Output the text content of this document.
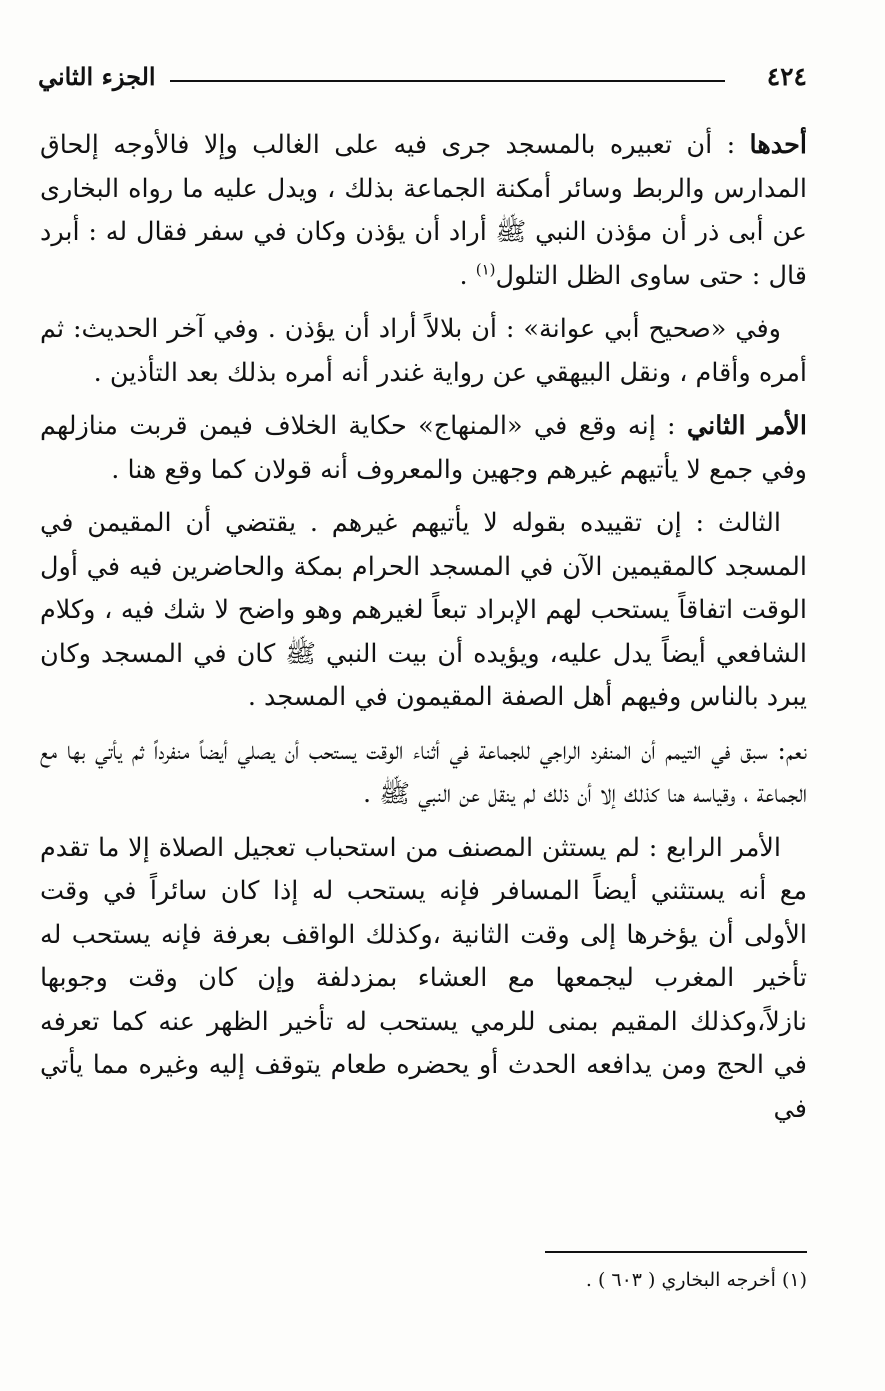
٤٢٤
الجزء الثاني
أحدها : أن تعبيره بالمسجد جرى فيه على الغالب وإلا فالأوجه إلحاق المدارس والربط وسائر أمكنة الجماعة بذلك ، ويدل عليه ما رواه البخارى عن أبى ذر أن مؤذن النبي ﷺ أراد أن يؤذن وكان في سفر فقال له : أبرد قال : حتى ساوى الظل التلول$^{(١)}$ .
وفي «صحيح أبي عوانة» : أن بلالاً أراد أن يؤذن . وفي آخر الحديث: ثم أمره وأقام ، ونقل البيهقي عن رواية غندر أنه أمره بذلك بعد التأذين .
الأمر الثاني : إنه وقع في «المنهاج» حكاية الخلاف فيمن قربت منازلهم وفي جمع لا يأتيهم غيرهم وجهين والمعروف أنه قولان كما وقع هنا .
الثالث : إن تقييده بقوله لا يأتيهم غيرهم . يقتضي أن المقيمن في المسجد كالمقيمين الآن في المسجد الحرام بمكة والحاضرين فيه في أول الوقت اتفاقاً يستحب لهم الإبراد تبعاً لغيرهم وهو واضح لا شك فيه ، وكلام الشافعي أيضاً يدل عليه، ويؤيده أن بيت النبي ﷺ كان في المسجد وكان يبرد بالناس وفيهم أهل الصفة المقيمون في المسجد .
نعم: سبق في التيمم أن المنفرد الراجي للجماعة في أثناء الوقت يستحب أن يصلي أيضاً منفرداً ثم يأتي بها مع الجماعة ، وقياسه هنا كذلك إلا أن ذلك لم ينقل عن النبي ﷺ .
الأمر الرابع : لم يستثن المصنف من استحباب تعجيل الصلاة إلا ما تقدم مع أنه يستثني أيضاً المسافر فإنه يستحب له إذا كان سائراً في وقت الأولى أن يؤخرها إلى وقت الثانية ،وكذلك الواقف بعرفة فإنه يستحب له تأخير المغرب ليجمعها مع العشاء بمزدلفة وإن كان وقت وجوبها نازلاً،وكذلك المقيم بمنى للرمي يستحب له تأخير الظهر عنه كما تعرفه في الحج ومن يدافعه الحدث أو يحضره طعام يتوقف إليه وغيره مما يأتي في
(١) أخرجه البخاري ( ٦٠٣ ) .
